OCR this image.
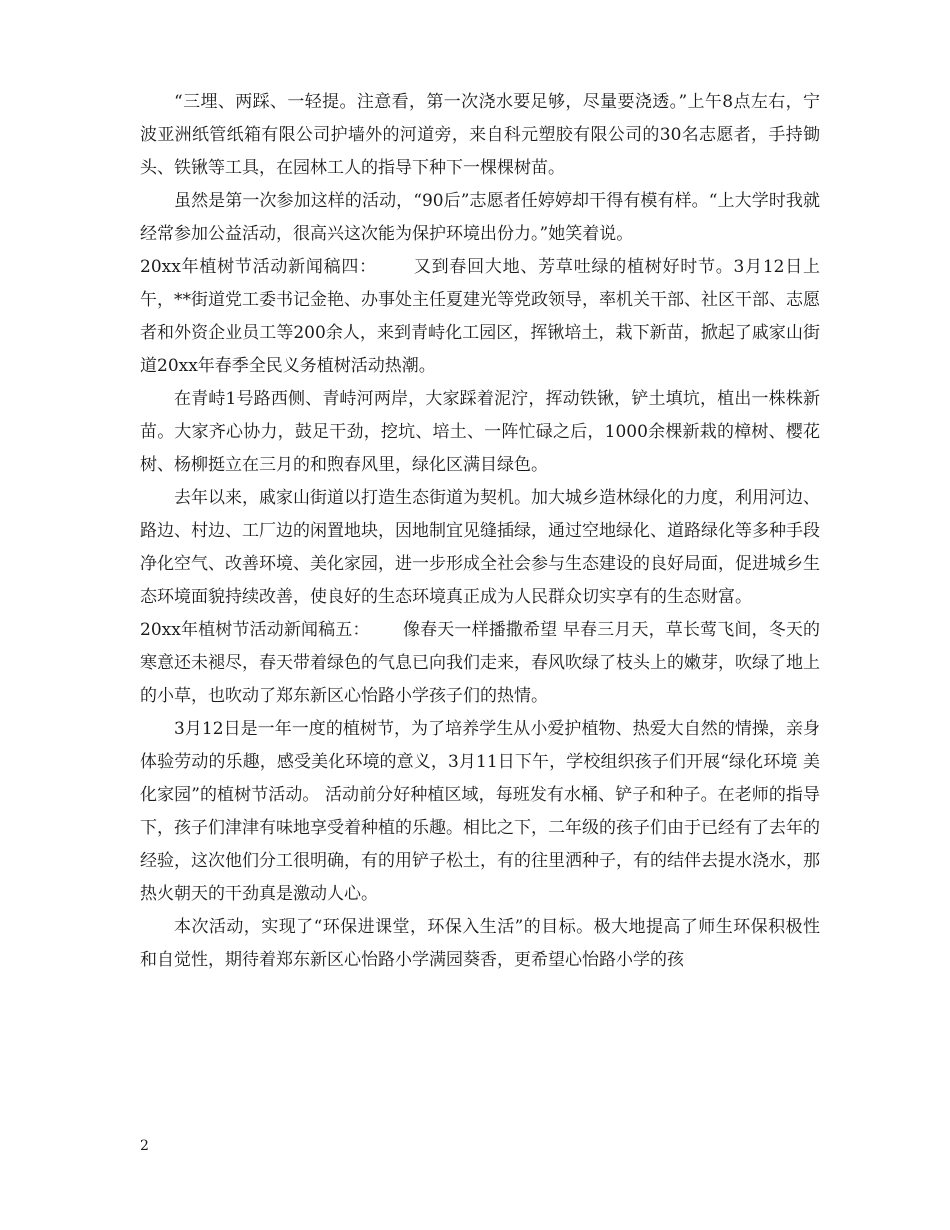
“三埋、两踩、一轻提。注意看，第一次浇水要足够，尽量要浇透。”上午8点左右，宁波亚洲纸管纸箱有限公司护墙外的河道旁，来自科元塑胶有限公司的30名志愿者，手持锄头、铁锹等工具，在园林工人的指导下种下一棵棵树苗。

虽然是第一次参加这样的活动，“90后”志愿者任婷婷却干得有模有样。“上大学时我就经常参加公益活动，很高兴这次能为保护环境出份力。”她笑着说。

20xx年植树节活动新闻稿四： 又到春回大地、芳草吐绿的植树好时节。3月12日上午，**街道党工委书记金艳、办事处主任夏建光等党政领导，率机关干部、社区干部、志愿者和外资企业员工等200余人，来到青峙化工园区，挥锹培土，栽下新苗，掀起了戚家山街道20xx年春季全民义务植树活动热潮。

在青峙1号路西侧、青峙河两岸，大家踩着泥泞，挥动铁锹，铲土填坑，植出一株株新苗。大家齐心协力，鼓足干劲，挖坑、培土、一阵忙碌之后，1000余棵新栽的樟树、樱花树、杨柳挺立在三月的和煦春风里，绿化区满目绿色。

去年以来，戚家山街道以打造生态街道为契机。加大城乡造林绿化的力度，利用河边、路边、村边、工厂边的闲置地块，因地制宜见缝插绿，通过空地绿化、道路绿化等多种手段净化空气、改善环境、美化家园，进一步形成全社会参与生态建设的良好局面，促进城乡生态环境面貌持续改善，使良好的生态环境真正成为人民群众切实享有的生态财富。

20xx年植树节活动新闻稿五： 像春天一样播撒希望 早春三月天，草长莺飞间，冬天的寒意还未褪尽，春天带着绿色的气息已向我们走来，春风吹绿了枝头上的嫩芽，吹绿了地上的小草，也吹动了郑东新区心怡路小学孩子们的热情。

3月12日是一年一度的植树节，为了培养学生从小爱护植物、热爱大自然的情操，亲身体验劳动的乐趣，感受美化环境的意义，3月11日下午，学校组织孩子们开展“绿化环境 美化家园”的植树节活动。 活动前分好种植区域，每班发有水桶、铲子和种子。在老师的指导下，孩子们津津有味地享受着种植的乐趣。相比之下，二年级的孩子们由于已经有了去年的经验，这次他们分工很明确，有的用铲子松土，有的往里洒种子，有的结伴去提水浇水，那热火朝天的干劲真是激动人心。

本次活动，实现了“环保进课堂，环保入生活”的目标。极大地提高了师生环保积极性和自觉性，期待着郑东新区心怡路小学满园葵香，更希望心怡路小学的孩

2
